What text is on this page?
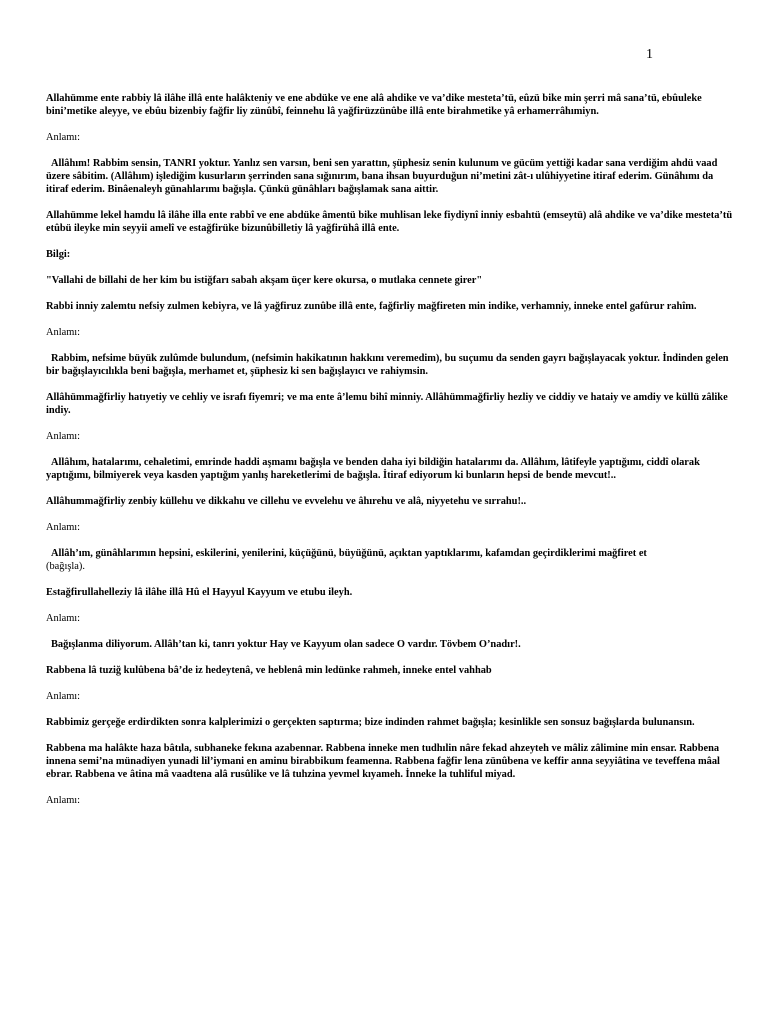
1

Allahümme ente rabbiy lâ ilâhe illâ ente halâkteniy ve ene abdüke ve ene alâ ahdike ve va’dike mesteta’tü, eûzü bike min şerri mâ sana’tü, ebûuleke bini’metike aleyye, ve ebûu bizenbiy fağfir liy zünûbî, feinnehu lâ yağfirüzzünûbe illâ ente birahmetike yâ erhamerrâhımiyn.

Anlamı:

Allâhım! Rabbim sensin, TANRI yoktur. Yanlız sen varsın, beni sen yarattın, şüphesiz senin kulunum ve gücüm yettiği kadar sana verdiğim ahdü vaad üzere sâbitim. (Allâhım) işlediğim kusurların şerrinden sana sığınırım, bana ihsan buyurduğun ni’metini zât-ı ulûhiyyetine itiraf ederim. Günâhımı da itiraf ederim. Binâenaleyh günahlarımı bağışla. Çünkü günâhları bağışlamak sana aittir.

Allahümme lekel hamdu lâ ilâhe illa ente rabbî ve ene abdüke âmentü bike muhlisan leke fiydiynî inniy esbahtü (emseytü) alâ ahdike ve va’dike mesteta’tü etûbü ileyke min seyyii amelî ve estağfirüke bizunûbilletiy lâ yağfirühâ illâ ente.

Bilgi:

"Vallahi de billahi de her kim bu istiğfarı sabah akşam üçer kere okursa, o mutlaka cennete girer"

Rabbi inniy zalemtu nefsiy zulmen kebiyra, ve lâ yağfiruz zunûbe illâ ente, fağfirliy mağfireten min indike, verhamniy, inneke entel gafûrur rahîm.

Anlamı:

Rabbim, nefsime büyük zulûmde bulundum, (nefsimin hakikatının hakkını veremedim), bu suçumu da senden gayrı bağışlayacak yoktur. İndinden gelen bir bağışlayıcılıkla beni bağışla, merhamet et, şüphesiz ki sen bağışlayıcı ve rahiymsin.

Allâhümmağfirliy hatıyetiy ve cehliy ve israfı fiyemri; ve ma ente â’lemu bihî minniy. Allâhümmağfirliy hezliy ve ciddiy ve hataiy ve amdiy ve küllü zâlike indiy.

Anlamı:

Allâhım, hatalarımı, cehaletimi, emrinde haddi aşmamı bağışla ve benden daha iyi bildiğin hatalarımı da. Allâhım, lâtifeyle yaptığımı, ciddî olarak yaptığımı, bilmiyerek veya kasden yaptığım yanlış hareketlerimi de bağışla. İtiraf ediyorum ki bunların hepsi de bende mevcut!..

Allâhummağfirliy zenbiy küllehu ve dikkahu ve cillehu ve evvelehu ve âhırehu ve alâ, niyyetehu ve sırrahu!..

Anlamı:

Allâh’ım, günâhlarımın hepsini, eskilerini, yenilerini, küçüğünü, büyüğünü, açıktan yaptıklarımı, kafamdan geçirdiklerimi mağfiret et
(bağışla).

Estağfirullahelleziy lâ ilâhe illâ Hû el Hayyul Kayyum ve etubu ileyh.

Anlamı:

Bağışlanma diliyorum. Allâh’tan ki, tanrı yoktur Hay ve Kayyum olan sadece O vardır. Tövbem O’nadır!.

Rabbena lâ tuziğ kulûbena bâ’de iz hedeytenâ, ve heblenâ min ledünke rahmeh, inneke entel vahhab

Anlamı:

Rabbimiz gerçeğe erdirdikten sonra kalplerimizi o gerçekten saptırma; bize indinden rahmet bağışla; kesinlikle sen sonsuz bağışlarda bulunansın.

Rabbena ma halâkte haza bâtıla, subhaneke fekına azabennar. Rabbena inneke men tudhılin nâre fekad ahzeyteh ve mâliz zâlimine min ensar. Rabbena innena semi’na münadiyen yunadi lil’iymani en aminu birabbikum feamenna. Rabbena fağfir lena zünûbena ve keffir anna seyyiâtina ve teveffena mâal ebrar. Rabbena ve âtina mâ vaadtena alâ rusûlike ve lâ tuhzina yevmel kıyameh. İnneke la tuhliful miyad.

Anlamı:
